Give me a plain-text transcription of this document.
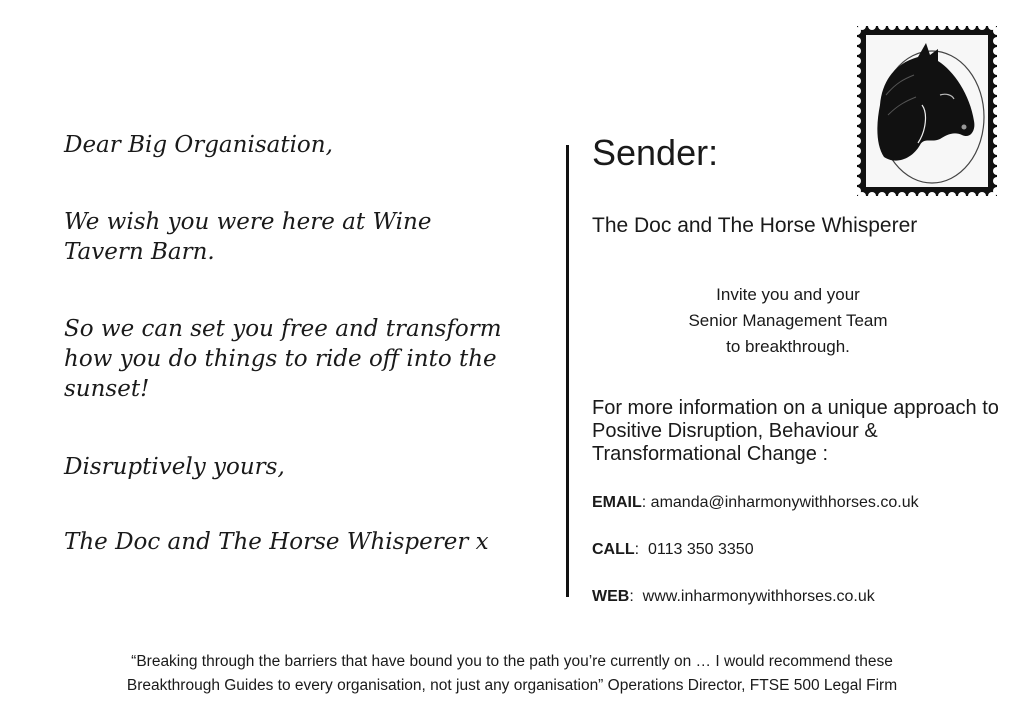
Dear Big Organisation,
We wish you were here at Wine Tavern Barn.
So we can set you free and transform how you do things to ride off into the sunset!
Disruptively yours,
The Doc and The Horse Whisperer x
Sender:
The Doc and The Horse Whisperer
Invite you and your
Senior Management Team
to breakthrough.
For more information on a unique approach to Positive Disruption, Behaviour & Transformational Change :
EMAIL: amanda@inharmonywithhorses.co.uk
CALL:  0113 350 3350
WEB:  www.inharmonywithhorses.co.uk
“Breaking through the barriers that have bound you to the path you’re currently on … I would recommend these
Breakthrough Guides to every organisation, not just any organisation” Operations Director, FTSE 500 Legal Firm
